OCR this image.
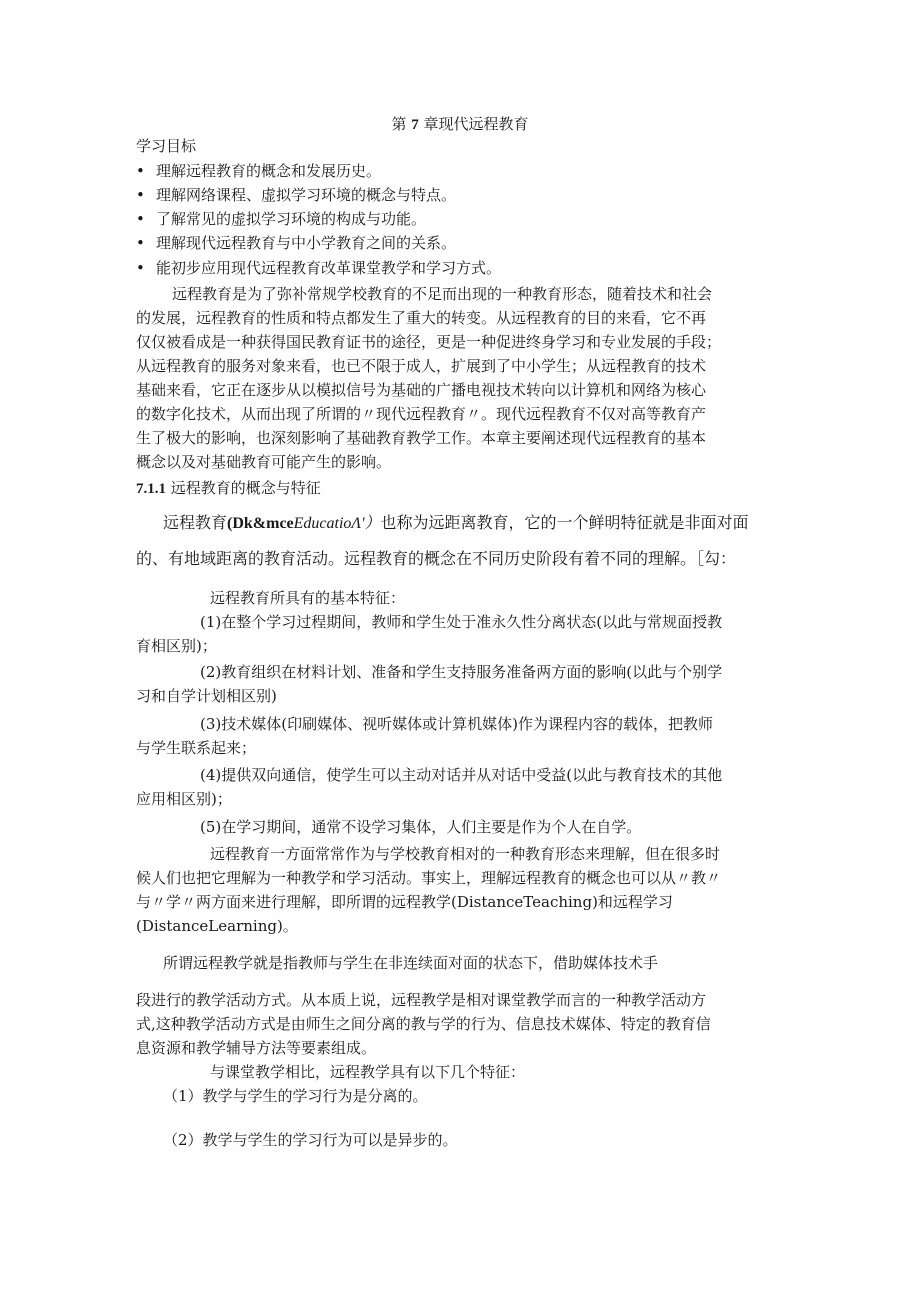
第 7 章现代远程教育
学习目标
• 理解远程教育的概念和发展历史。
• 理解网络课程、虚拟学习环境的概念与特点。
• 了解常见的虚拟学习环境的构成与功能。
• 理解现代远程教育与中小学教育之间的关系。
• 能初步应用现代远程教育改革课堂教学和学习方式。
远程教育是为了弥补常规学校教育的不足而出现的一种教育形态，随着技术和社会
的发展，远程教育的性质和特点都发生了重大的转变。从远程教育的目的来看，它不再
仅仅被看成是一种获得国民教育证书的途径，更是一种促进终身学习和专业发展的手段；
从远程教育的服务对象来看，也已不限于成人，扩展到了中小学生；从远程教育的技术
基础来看，它正在逐步从以模拟信号为基础的广播电视技术转向以计算机和网络为核心
的数字化技术，从而出现了所谓的〃现代远程教育〃。现代远程教育不仅对高等教育产
生了极大的影响，也深刻影响了基础教育教学工作。本章主要阐述现代远程教育的基本
概念以及对基础教育可能产生的影响。
7.1.1 远程教育的概念与特征
远程教育(Dk&mceEducatioΛ'）也称为远距离教育，它的一个鲜明特征就是非面对面
的、有地域距离的教育活动。远程教育的概念在不同历史阶段有着不同的理解。［勾：
远程教育所具有的基本特征：
(1)在整个学习过程期间，教师和学生处于准永久性分离状态(以此与常规面授教
育相区别)；
(2)教育组织在材料计划、准备和学生支持服务准备两方面的影响(以此与个别学
习和自学计划相区别)
(3)技术媒体(印刷媒体、视听媒体或计算机媒体)作为课程内容的载体，把教师
与学生联系起来；
(4)提供双向通信，使学生可以主动对话并从对话中受益(以此与教育技术的其他
应用相区别)；
(5)在学习期间，通常不设学习集体，人们主要是作为个人在自学。
远程教育一方面常常作为与学校教育相对的一种教育形态来理解，但在很多时
候人们也把它理解为一种教学和学习活动。事实上，理解远程教育的概念也可以从〃教〃
与〃学〃两方面来进行理解，即所谓的远程教学(DistanceTeaching)和远程学习
(DistanceLearning)。
所谓远程教学就是指教师与学生在非连续面对面的状态下，借助媒体技术手
段进行的教学活动方式。从本质上说，远程教学是相对课堂教学而言的一种教学活动方
式,这种教学活动方式是由师生之间分离的教与学的行为、信息技术媒体、特定的教育信
息资源和教学辅导方法等要素组成。
与课堂教学相比，远程教学具有以下几个特征：
（1）教学与学生的学习行为是分离的。
（2）教学与学生的学习行为可以是异步的。
